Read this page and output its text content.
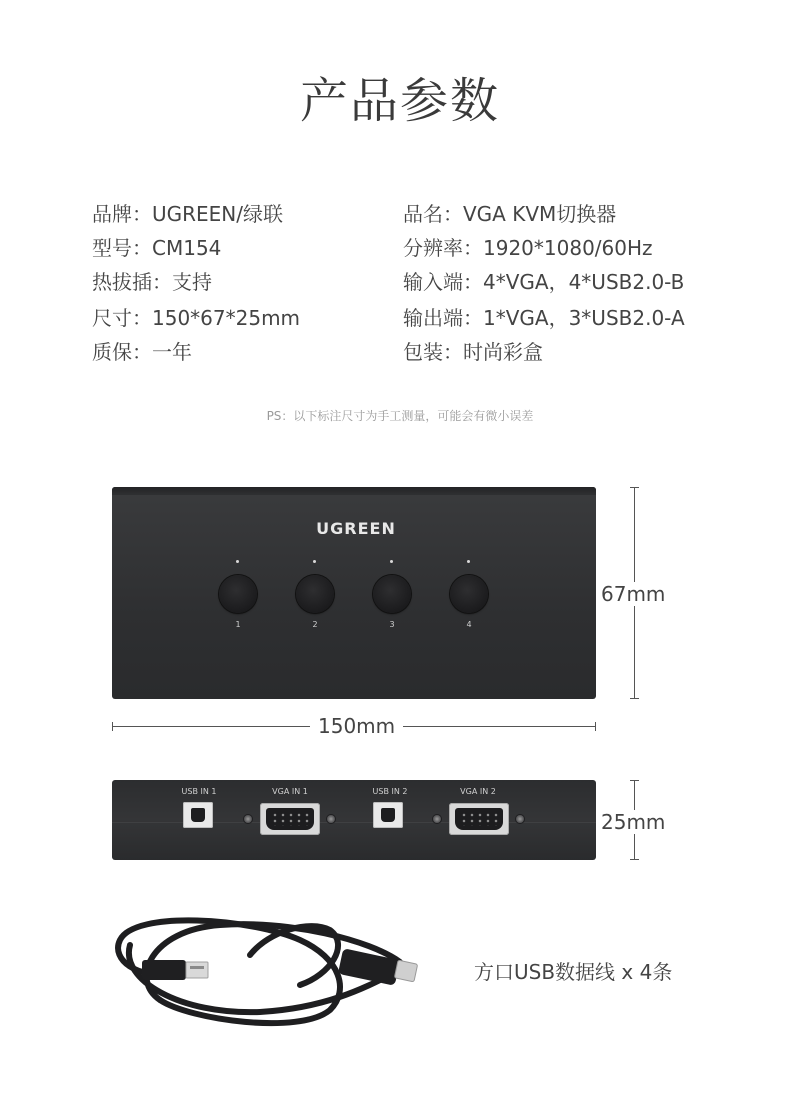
产品参数
品牌：UGREEN/绿联
型号：CM154
热拔插：支持
尺寸：150*67*25mm
质保：一年
品名：VGA KVM切换器
分辨率：1920*1080/60Hz
输入端：4*VGA，4*USB2.0-B
输出端：1*VGA，3*USB2.0-A
包装：时尚彩盒
PS：以下标注尺寸为手工测量，可能会有微小误差
UGREEN
1	2	3	4
67mm
150mm
USB IN 1	VGA IN 1	USB IN 2	VGA IN 2
25mm
方口USB数据线 x 4条
